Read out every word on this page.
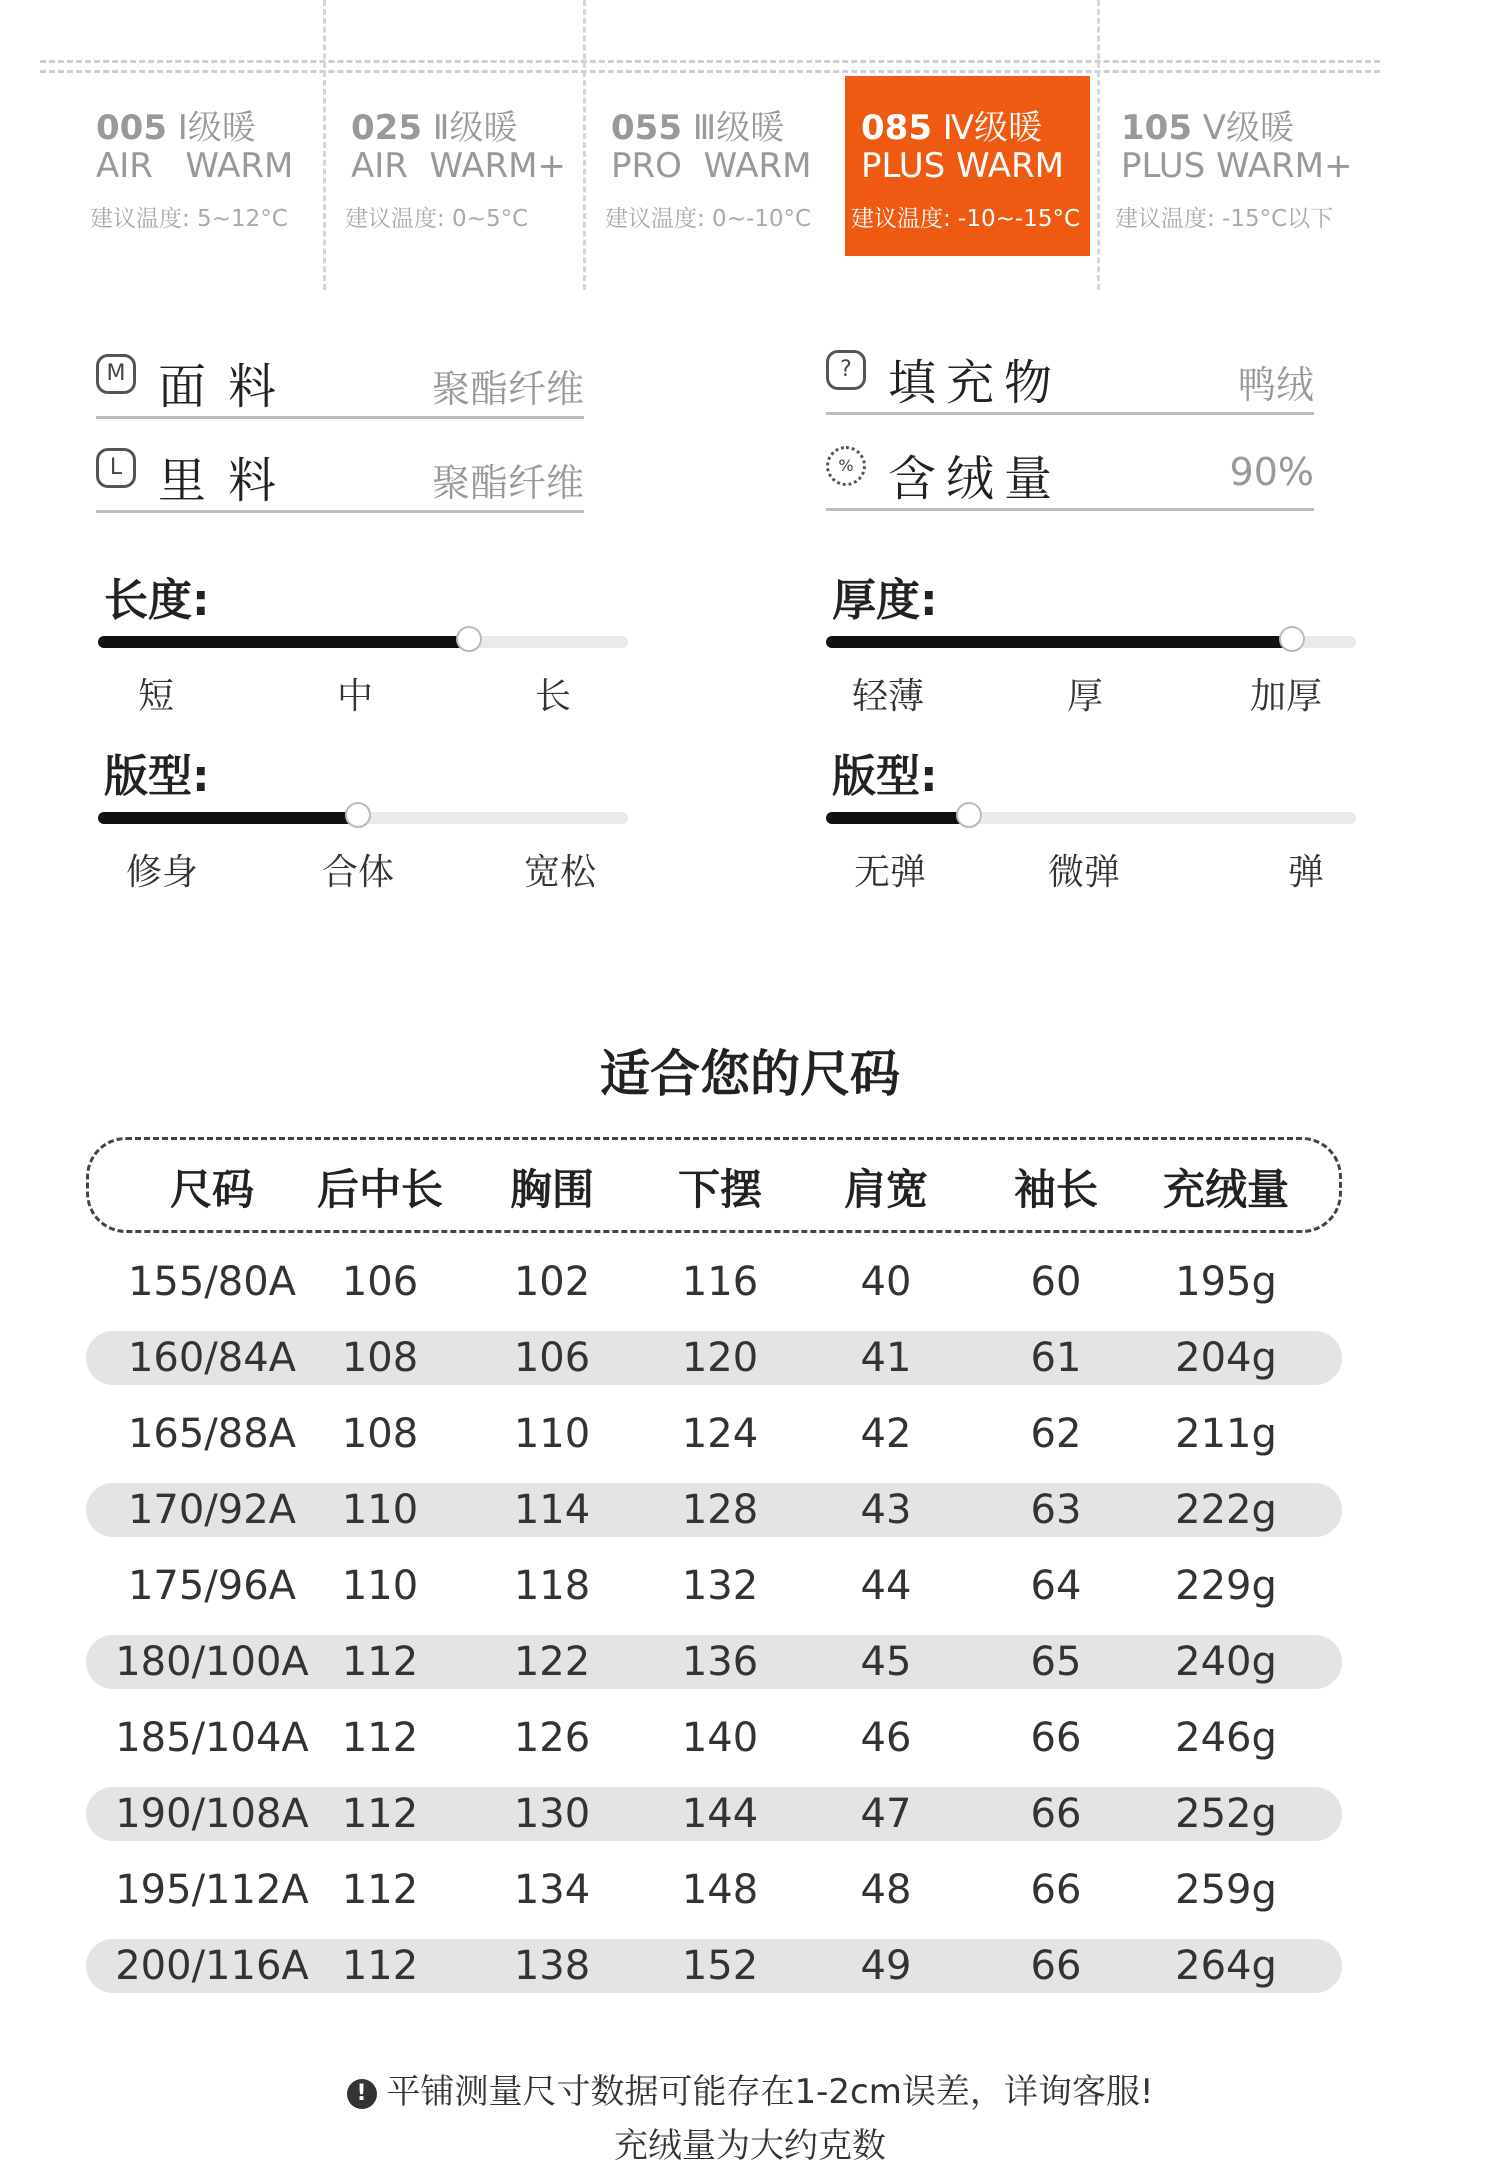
005 Ⅰ级暖
AIR   WARM
建议温度: 5~12°C
025 Ⅱ级暖
AIR  WARM+
建议温度: 0~5°C
055 Ⅲ级暖
PRO  WARM
建议温度: 0~-10°C
085 Ⅳ级暖
PLUS WARM
建议温度: -10~-15°C
105 Ⅴ级暖
PLUS WARM+
建议温度: -15°C以下
M 面料	聚酯纤维
L 里料	聚酯纤维
? 填充物	鸭绒
% 含绒量	90%
长度:
短	中	长
厚度:
轻薄	厚	加厚
版型:
修身	合体	宽松
版型:
无弹	微弹	弹
适合您的尺码
尺码 后中长 胸围 下摆 肩宽 袖长 充绒量
155/80A 106 102 116	40	60 195g
160/84A 108 106 120	41	61 204g
165/88A 108 110 124	42	62 211g
170/92A 110 114 128	43	63 222g
175/96A 110 118 132	44	64 229g
180/100A 112 122 136	45	65 240g
185/104A 112 126 140	46	66 246g
190/108A 112 130 144	47	66 252g
195/112A 112 134 148	48	66 259g
200/116A 112 138 152	49	66 264g
! 平铺测量尺寸数据可能存在1-2cm误差，详询客服!
充绒量为大约克数
